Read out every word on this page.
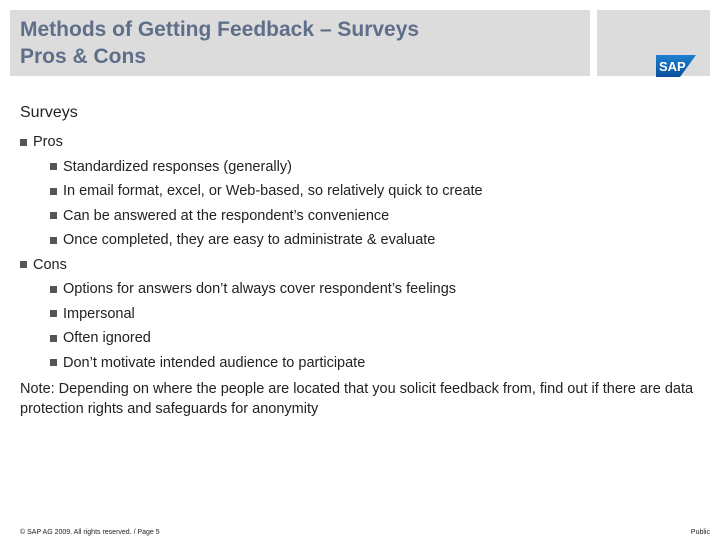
Methods of Getting Feedback – Surveys
Pros & Cons	SAP
Surveys
Pros
Standardized responses (generally)
In email format, excel, or Web-based, so relatively quick to create
Can be answered at the respondent’s convenience
Once completed, they are easy to administrate & evaluate
Cons
Options for answers don’t always cover respondent’s feelings
Impersonal
Often ignored
Don’t motivate intended audience to participate
Note: Depending on where the people are located that you solicit feedback from, find out if there are data protection rights and safeguards for anonymity
© SAP AG 2009. All rights reserved. / Page 5	Public
